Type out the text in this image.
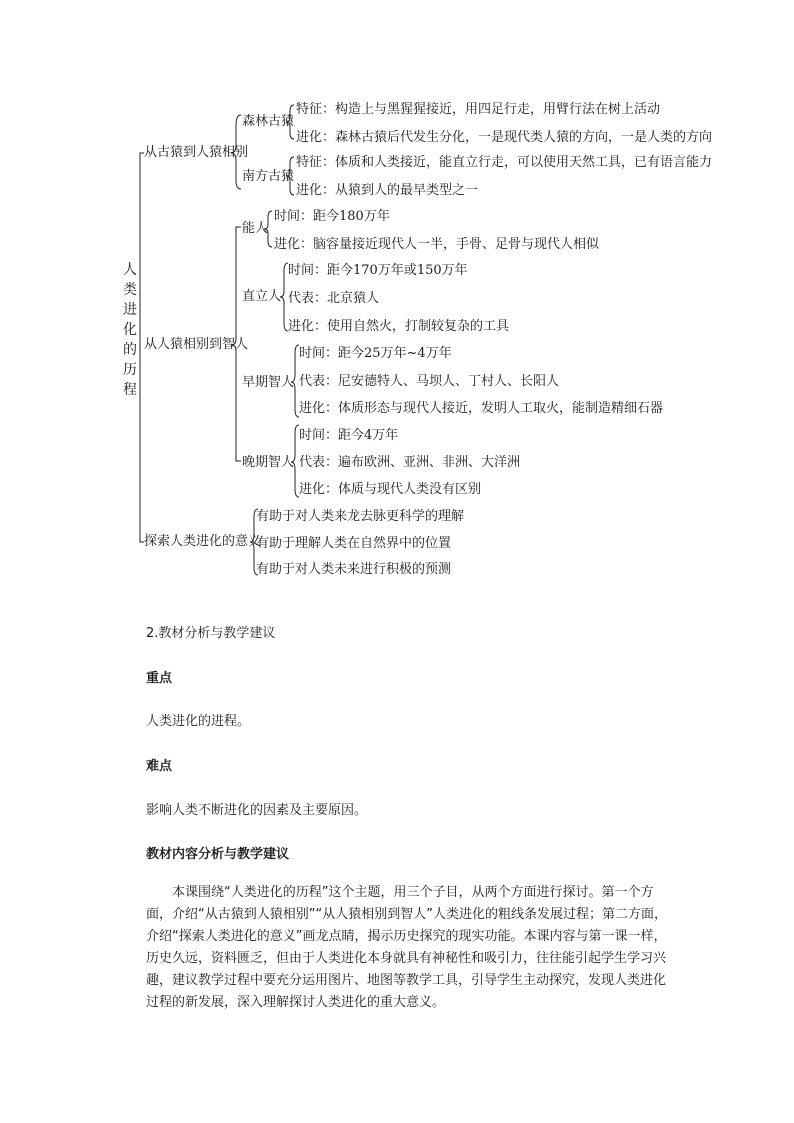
人类进化的历程
从古猿到人猿相别
森林古猿
特征：构造上与黑猩猩接近，用四足行走，用臂行法在树上活动
进化：森林古猿后代发生分化，一是现代类人猿的方向，一是人类的方向
南方古猿
特征：体质和人类接近，能直立行走，可以使用天然工具，已有语言能力
进化：从猿到人的最早类型之一
从人猿相别到智人
能人
时间：距今180万年
进化：脑容量接近现代人一半，手骨、足骨与现代人相似
直立人
时间：距今170万年或150万年
代表：北京猿人
进化：使用自然火，打制较复杂的工具
早期智人
时间：距今25万年~4万年
代表：尼安德特人、马坝人、丁村人、长阳人
进化：体质形态与现代人接近，发明人工取火，能制造精细石器
晚期智人
时间：距今4万年
代表：遍布欧洲、亚洲、非洲、大洋洲
进化：体质与现代人类没有区别
探索人类进化的意义
有助于对人类来龙去脉更科学的理解
有助于理解人类在自然界中的位置
有助于对人类未来进行积极的预测
2.教材分析与教学建议
重点
人类进化的进程。
难点
影响人类不断进化的因素及主要原因。
教材内容分析与教学建议
本课围绕“人类进化的历程”这个主题，用三个子目，从两个方面进行探讨。第一个方面，介绍“从古猿到人猿相别”“从人猿相别到智人”人类进化的粗线条发展过程；第二方面，介绍“探索人类进化的意义”画龙点睛，揭示历史探究的现实功能。本课内容与第一课一样，历史久远，资料匮乏，但由于人类进化本身就具有神秘性和吸引力，往往能引起学生学习兴趣，建议教学过程中要充分运用图片、地图等教学工具，引导学生主动探究，发现人类进化过程的新发展，深入理解探讨人类进化的重大意义。
